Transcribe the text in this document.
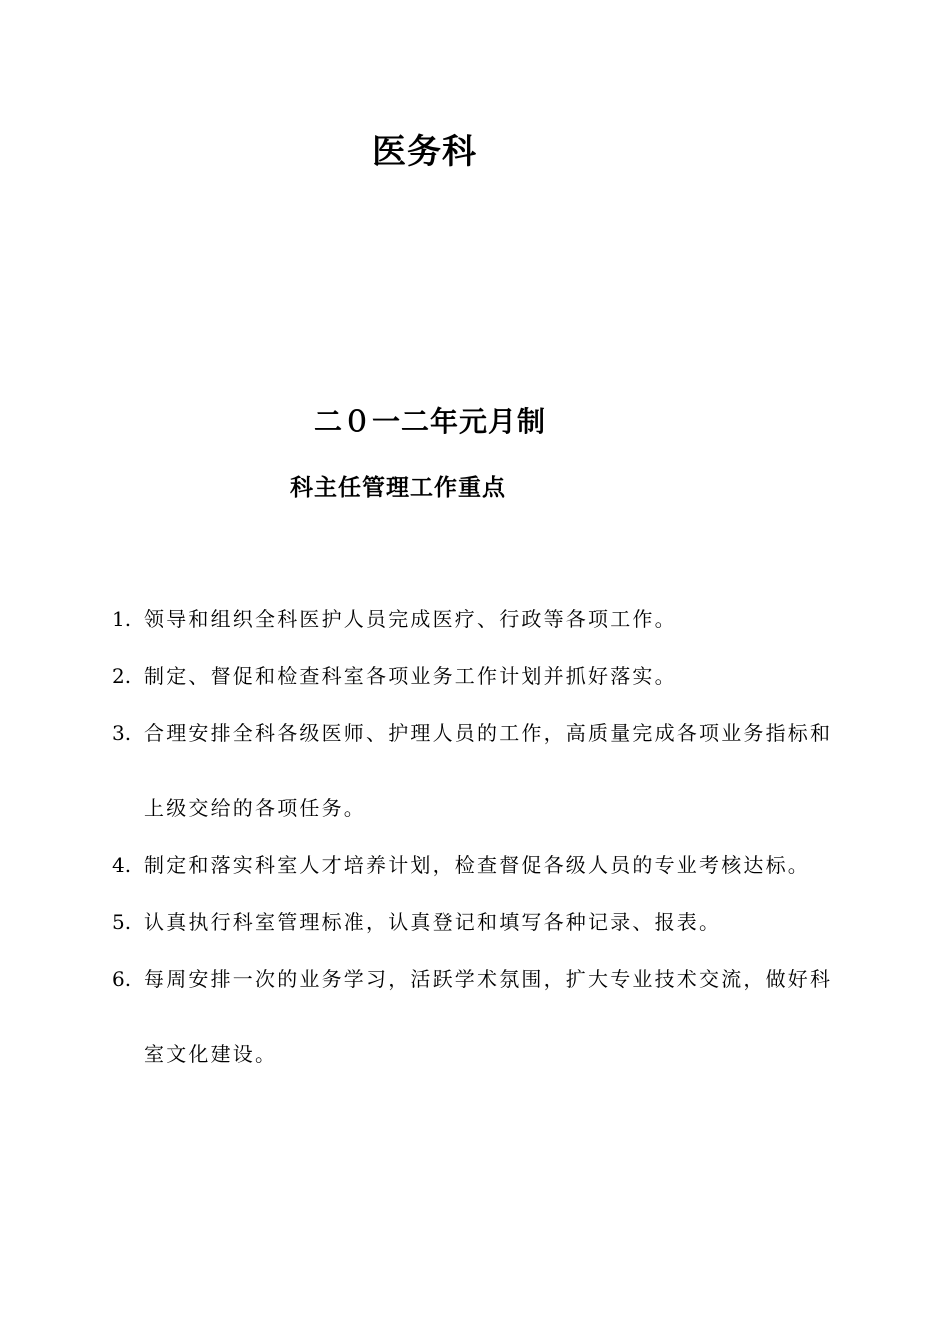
医务科
二０一二年元月制
科主任管理工作重点
1. 领导和组织全科医护人员完成医疗、行政等各项工作。
2. 制定、督促和检查科室各项业务工作计划并抓好落实。
3. 合理安排全科各级医师、护理人员的工作，高质量完成各项业务指标和上级交给的各项任务。
4. 制定和落实科室人才培养计划，检查督促各级人员的专业考核达标。
5. 认真执行科室管理标准，认真登记和填写各种记录、报表。
6. 每周安排一次的业务学习，活跃学术氛围，扩大专业技术交流，做好科室文化建设。
